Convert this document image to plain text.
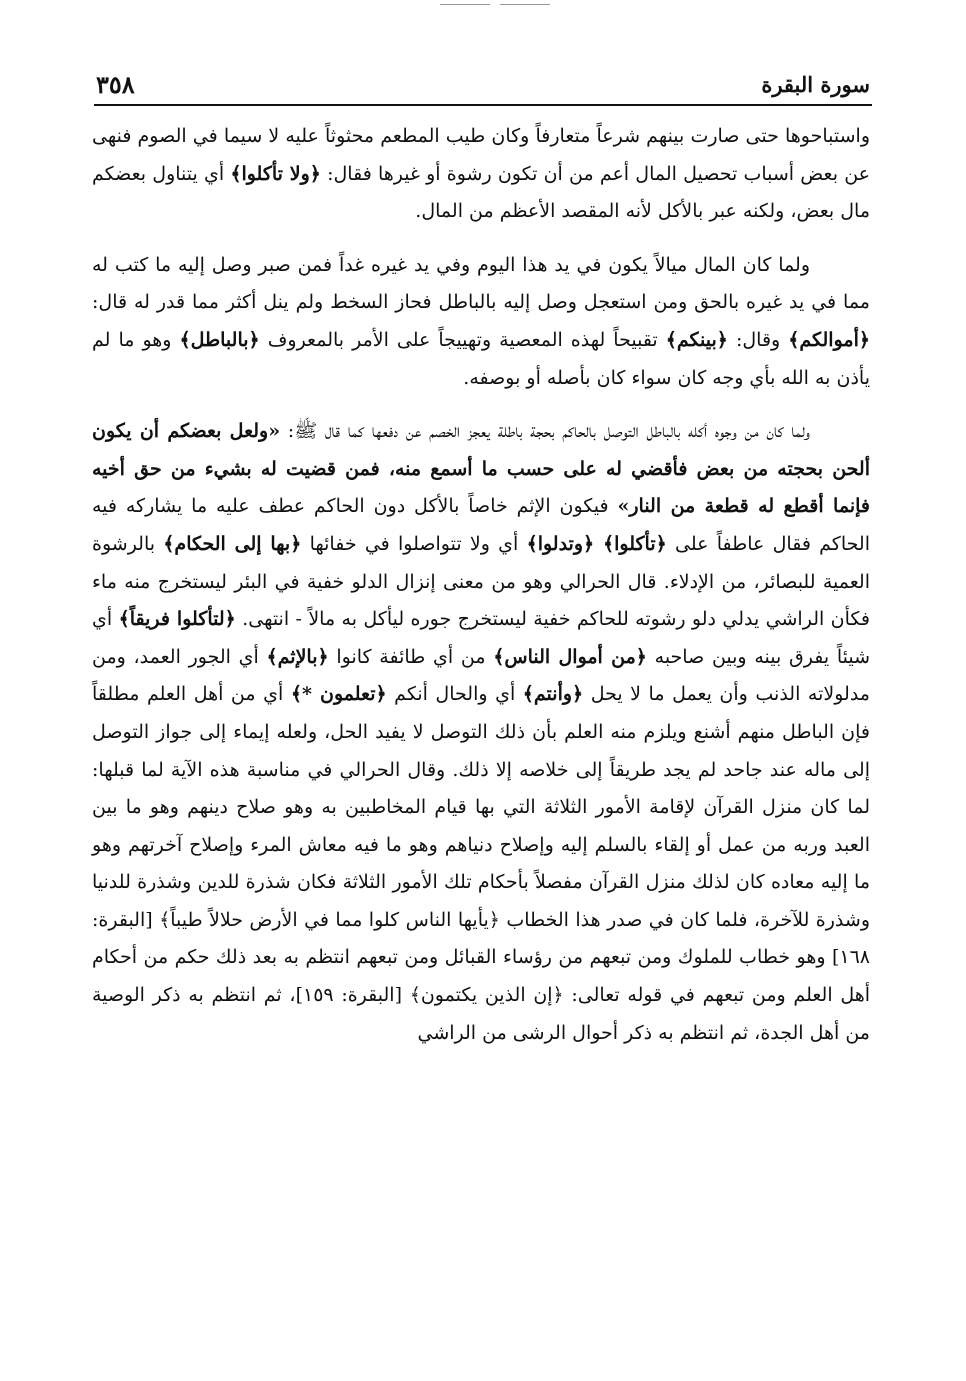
سورة البقرة
٣٥٨

واستباحوها حتى صارت بينهم شرعاً متعارفاً وكان طيب المطعم محثوثاً عليه لا سيما في الصوم فنهى عن بعض أسباب تحصيل المال أعم من أن تكون رشوة أو غيرها فقال: ﴿ولا تأكلوا﴾ أي يتناول بعضكم مال بعض، ولكنه عبر بالأكل لأنه المقصد الأعظم من المال.

ولما كان المال ميالاً يكون في يد هذا اليوم وفي يد غيره غداً فمن صبر وصل إليه ما كتب له مما في يد غيره بالحق ومن استعجل وصل إليه بالباطل فحاز السخط ولم ينل أكثر مما قدر له قال: ﴿أموالكم﴾ وقال: ﴿بينكم﴾ تقبيحاً لهذه المعصية وتهييجاً على الأمر بالمعروف ﴿بالباطل﴾ وهو ما لم يأذن به الله بأي وجه كان سواء كان بأصله أو بوصفه.

ولما كان من وجوه أكله بالباطل التوصل بالحاكم بحجة باطلة يعجز الخصم عن دفعها كما قال ﷺ: «ولعل بعضكم أن يكون ألحن بحجته من بعض فأقضي له على حسب ما أسمع منه، فمن قضيت له بشيء من حق أخيه فإنما أقطع له قطعة من النار» فيكون الإثم خاصاً بالأكل دون الحاكم عطف عليه ما يشاركه فيه الحاكم فقال عاطفاً على ﴿تأكلوا﴾ ﴿وتدلوا﴾ أي ولا تتواصلوا في خفائها ﴿بها إلى الحكام﴾ بالرشوة العمية للبصائر، من الإدلاء. قال الحرالي وهو من معنى إنزال الدلو خفية في البئر ليستخرج منه ماء فكأن الراشي يدلي دلو رشوته للحاكم خفية ليستخرج جوره ليأكل به مالاً - انتهى. ﴿لتأكلوا فريقاً﴾ أي شيئاً يفرق بينه وبين صاحبه ﴿من أموال الناس﴾ من أي طائفة كانوا ﴿بالإثم﴾ أي الجور العمد، ومن مدلولاته الذنب وأن يعمل ما لا يحل ﴿وأنتم﴾ أي والحال أنكم ﴿تعلمون *﴾ أي من أهل العلم مطلقاً فإن الباطل منهم أشنع ويلزم منه العلم بأن ذلك التوصل لا يفيد الحل، ولعله إيماء إلى جواز التوصل إلى ماله عند جاحد لم يجد طريقاً إلى خلاصه إلا ذلك. وقال الحرالي في مناسبة هذه الآية لما قبلها: لما كان منزل القرآن لإقامة الأمور الثلاثة التي بها قيام المخاطبين به وهو صلاح دينهم وهو ما بين العبد وربه من عمل أو إلقاء بالسلم إليه وإصلاح دنياهم وهو ما فيه معاش المرء وإصلاح آخرتهم وهو ما إليه معاده كان لذلك منزل القرآن مفصلاً بأحكام تلك الأمور الثلاثة فكان شذرة للدين وشذرة للدنيا وشذرة للآخرة، فلما كان في صدر هذا الخطاب ﴿يأيها الناس كلوا مما في الأرض حلالاً طيباً﴾ [البقرة: ١٦٨] وهو خطاب للملوك ومن تبعهم من رؤساء القبائل ومن تبعهم انتظم به بعد ذلك حكم من أحكام أهل العلم ومن تبعهم في قوله تعالى: ﴿إن الذين يكتمون﴾ [البقرة: ١٥٩]، ثم انتظم به ذكر الوصية من أهل الجدة، ثم انتظم به ذكر أحوال الرشى من الراشي
